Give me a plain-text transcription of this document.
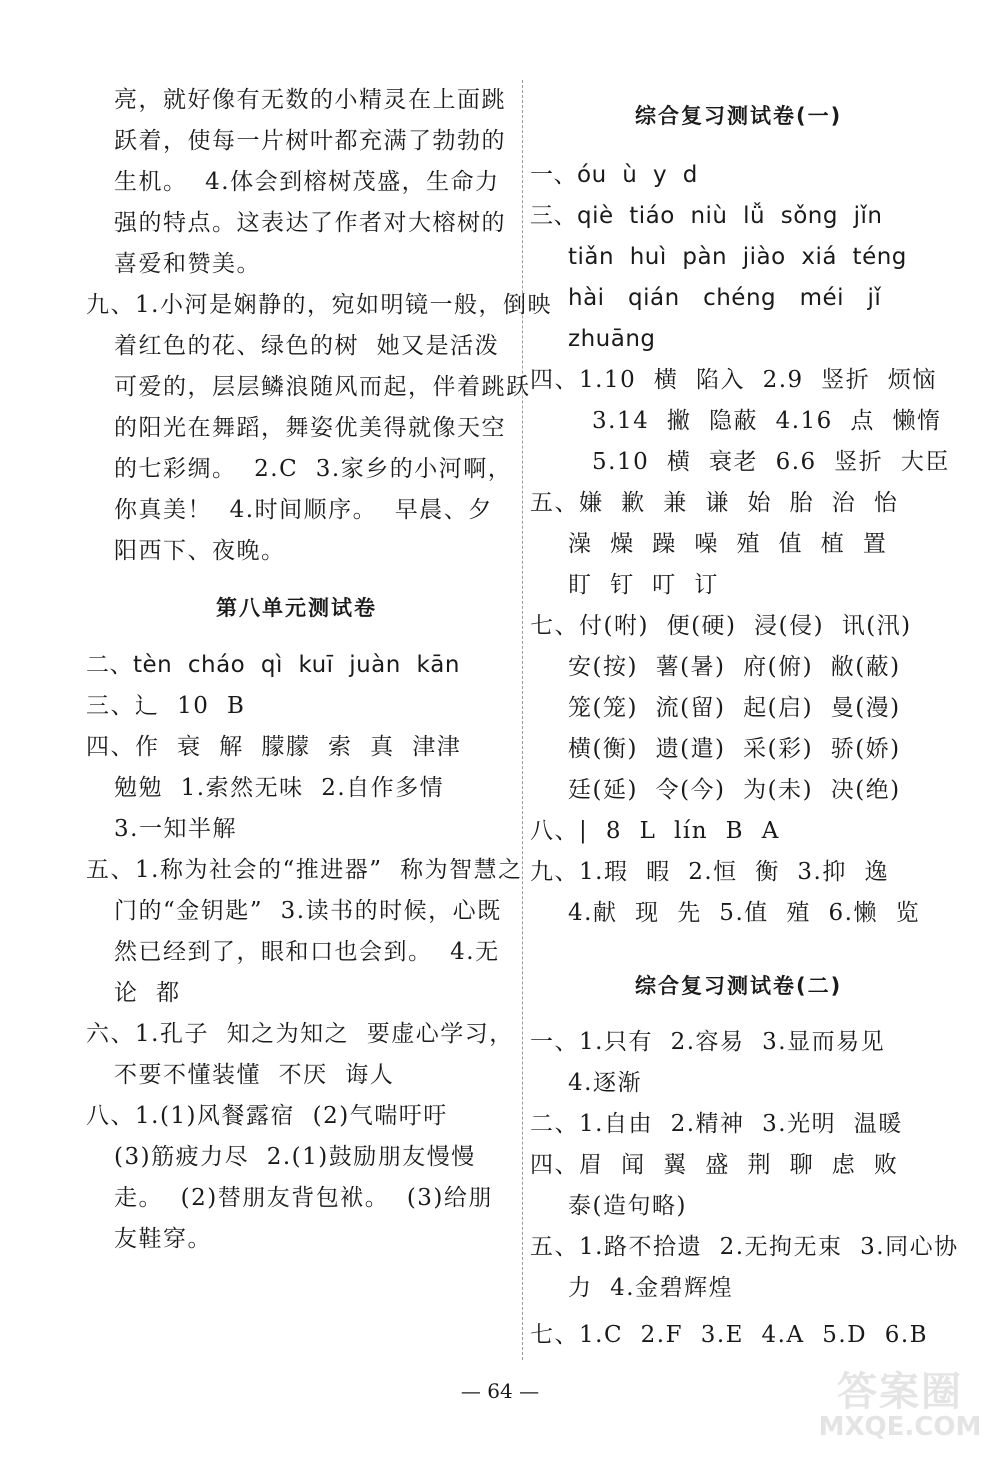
亮，就好像有无数的小精灵在上面跳
跃着，使每一片树叶都充满了勃勃的
生机。  4.体会到榕树茂盛，生命力
强的特点。这表达了作者对大榕树的
喜爱和赞美。
九、1.小河是娴静的，宛如明镜一般，倒映
着红色的花、绿色的树  她又是活泼
可爱的，层层鳞浪随风而起，伴着跳跃
的阳光在舞蹈，舞姿优美得就像天空
的七彩绸。  2.C  3.家乡的小河啊，
你真美！  4.时间顺序。  早晨、夕
阳西下、夜晚。
第八单元测试卷
二、tèn  cháo  qì  kuī  juàn  kān
三、辶  10  B
四、作  衰  解  朦朦  索  真  津津
勉勉  1.索然无味  2.自作多情
3.一知半解
五、1.称为社会的“推进器”  称为智慧之
门的“金钥匙”  3.读书的时候，心既
然已经到了，眼和口也会到。  4.无
论  都
六、1.孔子  知之为知之  要虚心学习，
不要不懂装懂  不厌  诲人
八、1.(1)风餐露宿  (2)气喘吁吁
(3)筋疲力尽  2.(1)鼓励朋友慢慢
走。  (2)替朋友背包袱。  (3)给朋
友鞋穿。
综合复习测试卷(一)
一、óu  ù  y  d
三、qiè  tiáo  niù  lǚ  sǒng  jǐn
tiǎn  huì  pàn  jiào  xiá  téng
hài   qián   chéng   méi   jǐ
zhuāng
四、1.10  横  陷入  2.9  竖折  烦恼
3.14  撇  隐蔽  4.16  点  懒惰
5.10  横  衰老  6.6  竖折  大臣
五、嫌  歉  兼  谦  始  胎  治  怡
澡  燥  躁  噪  殖  值  植  置
盯  钉  叮  订
七、付(咐)  便(硬)  浸(侵)  讯(汛)
安(按)  薯(暑)  府(俯)  敝(蔽)
笼(笼)  流(留)  起(启)  曼(漫)
横(衡)  遗(遣)  采(彩)  骄(娇)
廷(延)  令(今)  为(未)  决(绝)
八、|  8  L  lín  B  A
九、1.瑕  暇  2.恒  衡  3.抑  逸
4.献  现  先  5.值  殖  6.懒  览
综合复习测试卷(二)
一、1.只有  2.容易  3.显而易见
4.逐渐
二、1.自由  2.精神  3.光明  温暖
四、眉  闻  翼  盛  荆  聊  虑  败
泰(造句略)
五、1.路不拾遗  2.无拘无束  3.同心协
力  4.金碧辉煌
七、1.C  2.F  3.E  4.A  5.D  6.B
— 64 —	答案圈
MXQE.COM
